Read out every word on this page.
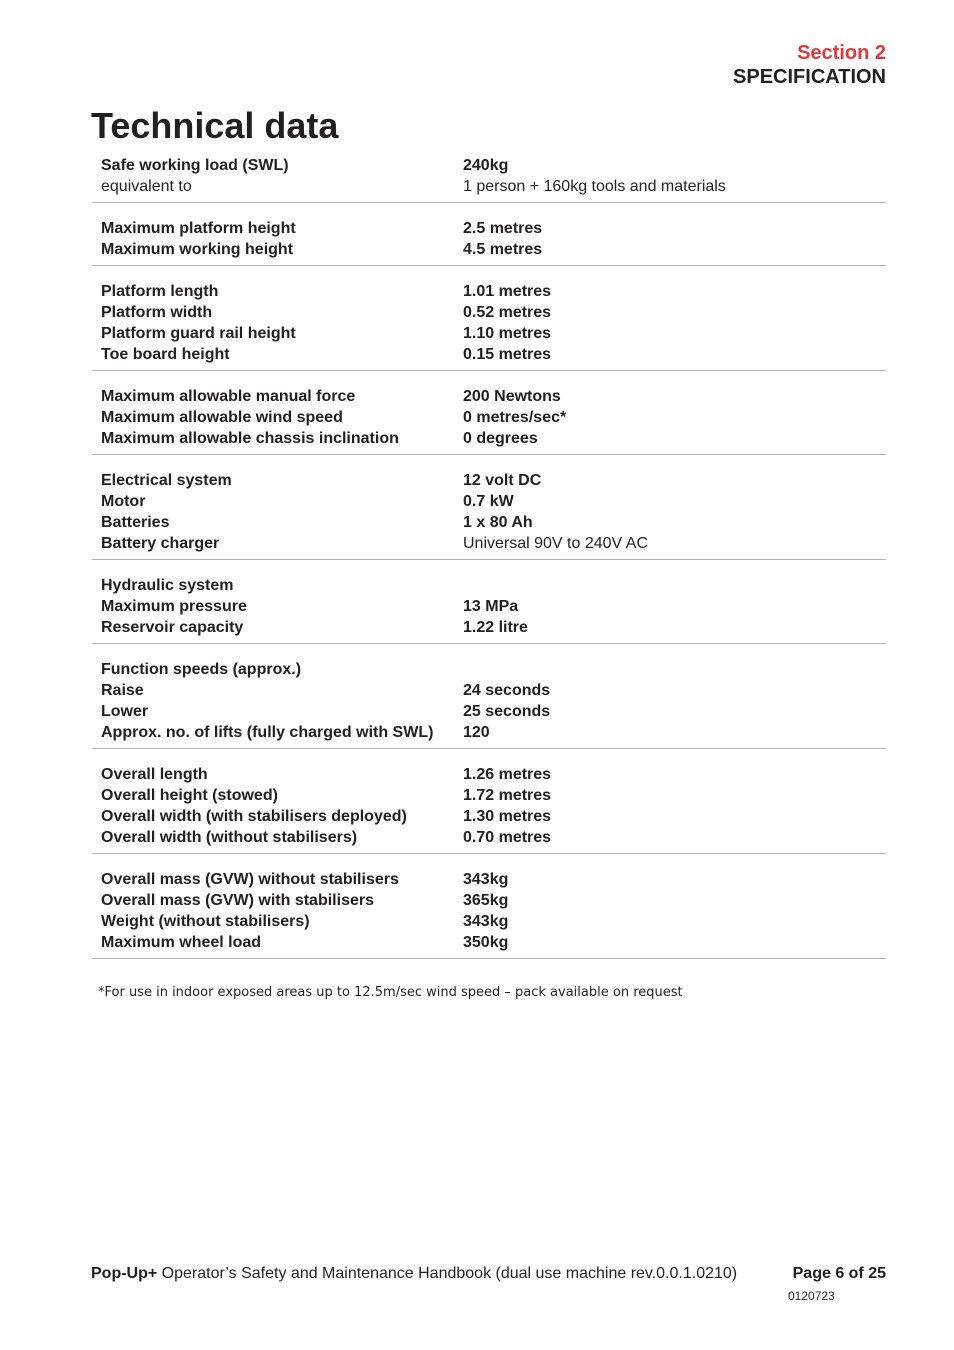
Section 2
SPECIFICATION
Technical data
Safe working load (SWL)	240kg
equivalent to	1 person + 160kg tools and materials
Maximum platform height	2.5 metres
Maximum working height	4.5 metres
Platform length	1.01 metres
Platform width	0.52 metres
Platform guard rail height	1.10 metres
Toe board height	0.15 metres
Maximum allowable manual force	200 Newtons
Maximum allowable wind speed	0 metres/sec*
Maximum allowable chassis inclination	0 degrees
Electrical system	12 volt DC
Motor	0.7 kW
Batteries	1 x 80 Ah
Battery charger	Universal 90V to 240V AC
Hydraulic system
Maximum pressure	13 MPa
Reservoir capacity	1.22 litre
Function speeds (approx.)
Raise	24 seconds
Lower	25 seconds
Approx. no. of lifts (fully charged with SWL)	120
Overall length	1.26 metres
Overall height (stowed)	1.72 metres
Overall width (with stabilisers deployed)	1.30 metres
Overall width (without stabilisers)	0.70 metres
Overall mass (GVW) without stabilisers	343kg
Overall mass (GVW) with stabilisers	365kg
Weight (without stabilisers)	343kg
Maximum wheel load	350kg
*For use in indoor exposed areas up to 12.5m/sec wind speed – pack available on request
Pop-Up+ Operator’s Safety and Maintenance Handbook (dual use machine rev.0.0.1.0210)	Page 6 of 25
0120723
